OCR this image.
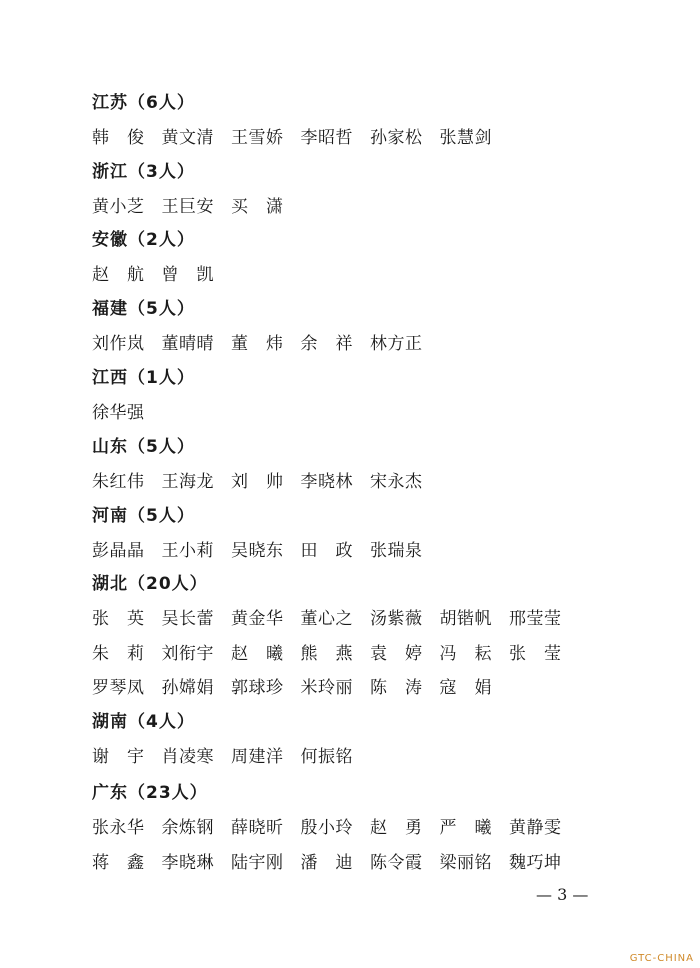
江苏（6人）
韩　俊 黄文清 王雪娇 李昭哲 孙家松 张慧剑
浙江（3人）
黄小芝 王巨安 买　潇
安徽（2人）
赵　航 曾　凯
福建（5人）
刘作岚 董晴晴 董　炜 余　祥 林方正
江西（1人）
徐华强
山东（5人）
朱红伟 王海龙 刘　帅 李晓林 宋永杰
河南（5人）
彭晶晶 王小莉 吴晓东 田　政 张瑞泉
湖北（20人）
张　英 吴长蕾 黄金华 董心之 汤紫薇 胡锴帆 邢莹莹
朱　莉 刘衔宇 赵　曦 熊　燕 袁　婷 冯　耘 张　莹
罗琴凤 孙嫦娟 郭球珍 米玲丽 陈　涛 寇　娟
湖南（4人）
谢　宇 肖凌寒 周建洋 何振铭
广东（23人）
张永华 余炼钢 薛晓昕 殷小玲 赵　勇 严　曦 黄静雯
蒋　鑫 李晓琳 陆宇刚 潘　迪 陈令霞 梁丽铭 魏巧坤
— 3 —
GTC-CHINA
